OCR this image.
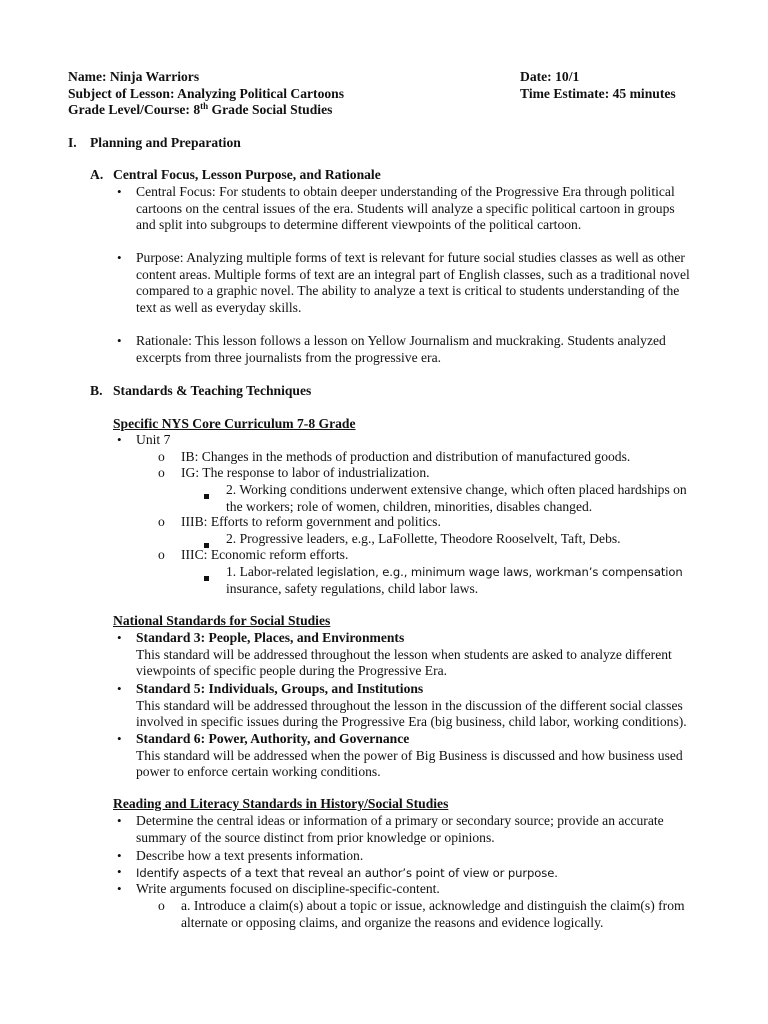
Name: Ninja Warriors
Subject of Lesson: Analyzing Political Cartoons
Grade Level/Course: 8th Grade Social Studies
Date: 10/1
Time Estimate: 45 minutes
I. Planning and Preparation
A. Central Focus, Lesson Purpose, and Rationale
• Central Focus: For students to obtain deeper understanding of the Progressive Era through political
cartoons on the central issues of the era. Students will analyze a specific political cartoon in groups
and split into subgroups to determine different viewpoints of the political cartoon.
• Purpose: Analyzing multiple forms of text is relevant for future social studies classes as well as other
content areas. Multiple forms of text are an integral part of English classes, such as a traditional novel
compared to a graphic novel. The ability to analyze a text is critical to students understanding of the
text as well as everyday skills.
• Rationale: This lesson follows a lesson on Yellow Journalism and muckraking. Students analyzed
excerpts from three journalists from the progressive era.
B. Standards & Teaching Techniques
Specific NYS Core Curriculum 7-8 Grade
• Unit 7
o IB: Changes in the methods of production and distribution of manufactured goods.
o IG: The response to labor of industrialization.
2. Working conditions underwent extensive change, which often placed hardships on
the workers; role of women, children, minorities, disables changed.
o IIIB: Efforts to reform government and politics.
2. Progressive leaders, e.g., LaFollette, Theodore Rooselvelt, Taft, Debs.
o IIIC: Economic reform efforts.
1. Labor-related legislation, e.g., minimum wage laws, workman’s compensation
insurance, safety regulations, child labor laws.
National Standards for Social Studies
• Standard 3: People, Places, and Environments
This standard will be addressed throughout the lesson when students are asked to analyze different
viewpoints of specific people during the Progressive Era.
• Standard 5: Individuals, Groups, and Institutions
This standard will be addressed throughout the lesson in the discussion of the different social classes
involved in specific issues during the Progressive Era (big business, child labor, working conditions).
• Standard 6: Power, Authority, and Governance
This standard will be addressed when the power of Big Business is discussed and how business used
power to enforce certain working conditions.
Reading and Literacy Standards in History/Social Studies
• Determine the central ideas or information of a primary or secondary source; provide an accurate
summary of the source distinct from prior knowledge or opinions.
• Describe how a text presents information.
• Identify aspects of a text that reveal an author’s point of view or purpose.
• Write arguments focused on discipline-specific-content.
o a. Introduce a claim(s) about a topic or issue, acknowledge and distinguish the claim(s) from
alternate or opposing claims, and organize the reasons and evidence logically.
